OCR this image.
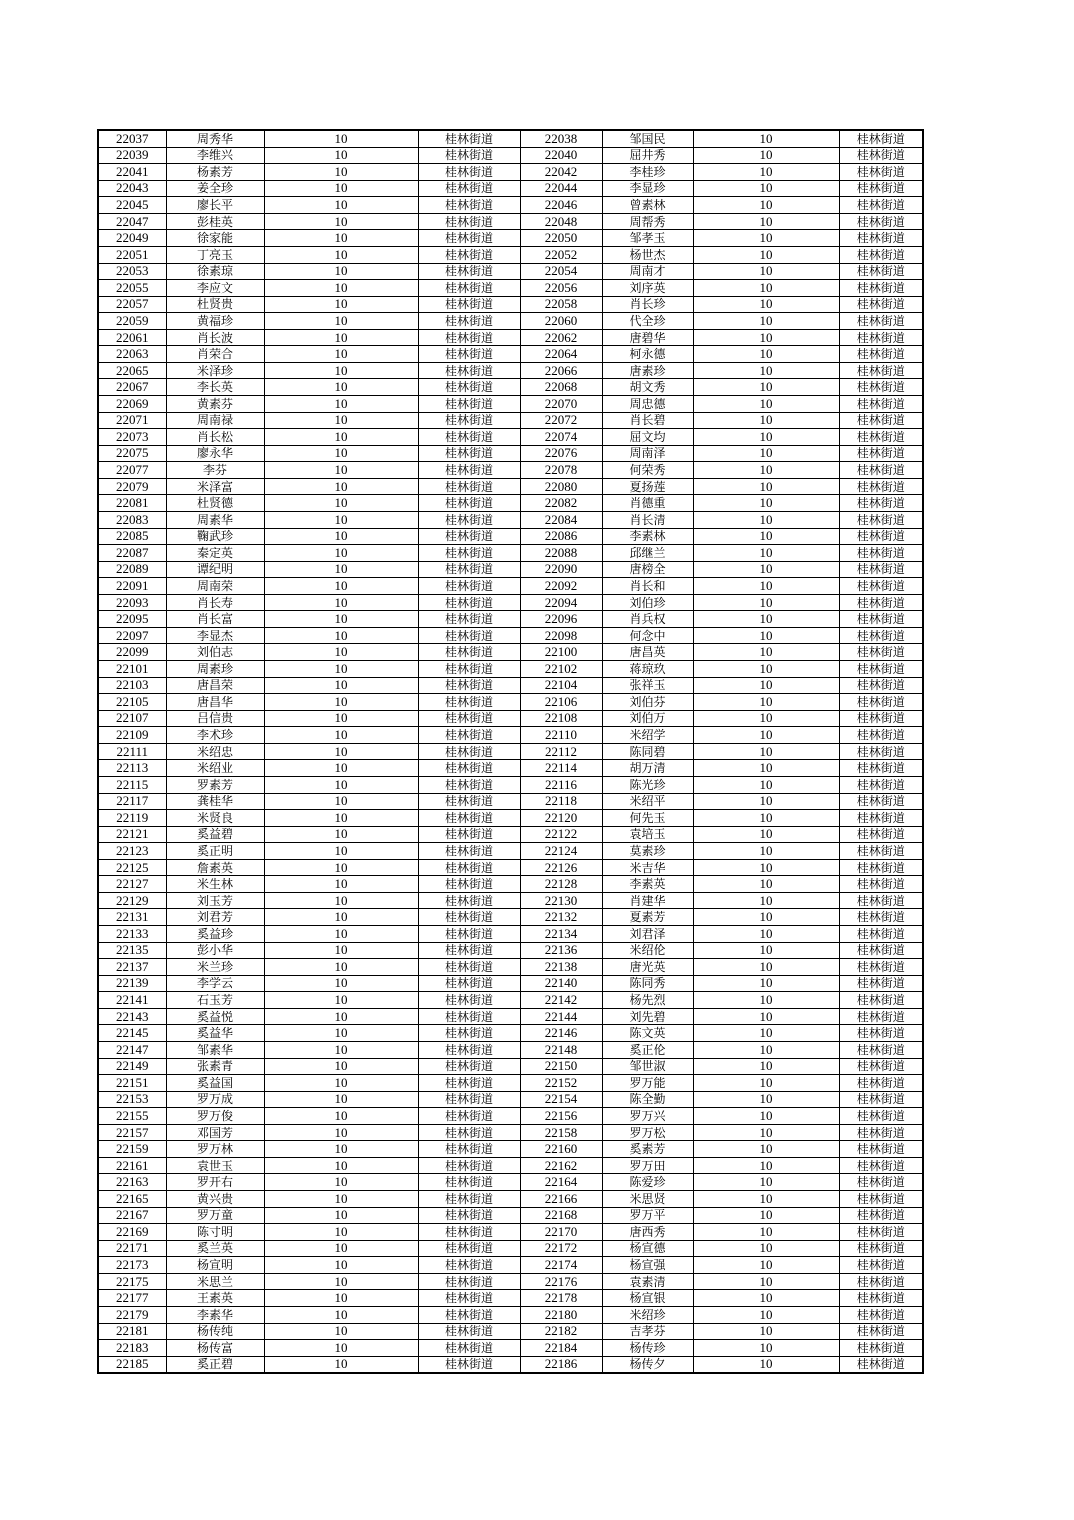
22037	周秀华	10	桂林街道	22038	邹国民	10	桂林街道
22039	李维兴	10	桂林街道	22040	屈井秀	10	桂林街道
22041	杨素芳	10	桂林街道	22042	李桂珍	10	桂林街道
22043	姜全珍	10	桂林街道	22044	李显珍	10	桂林街道
22045	廖长平	10	桂林街道	22046	曾素林	10	桂林街道
22047	彭桂英	10	桂林街道	22048	周帮秀	10	桂林街道
22049	徐家能	10	桂林街道	22050	邹孝玉	10	桂林街道
22051	丁亮玉	10	桂林街道	22052	杨世杰	10	桂林街道
22053	徐素琼	10	桂林街道	22054	周南才	10	桂林街道
22055	李应文	10	桂林街道	22056	刘序英	10	桂林街道
22057	杜贤贵	10	桂林街道	22058	肖长珍	10	桂林街道
22059	黄福珍	10	桂林街道	22060	代全珍	10	桂林街道
22061	肖长波	10	桂林街道	22062	唐碧华	10	桂林街道
22063	肖荣合	10	桂林街道	22064	柯永德	10	桂林街道
22065	米泽珍	10	桂林街道	22066	唐素珍	10	桂林街道
22067	李长英	10	桂林街道	22068	胡文秀	10	桂林街道
22069	黄素芬	10	桂林街道	22070	周忠德	10	桂林街道
22071	周南禄	10	桂林街道	22072	肖长碧	10	桂林街道
22073	肖长松	10	桂林街道	22074	屈文均	10	桂林街道
22075	廖永华	10	桂林街道	22076	周南泽	10	桂林街道
22077	李芬	10	桂林街道	22078	何荣秀	10	桂林街道
22079	米泽富	10	桂林街道	22080	夏扬莲	10	桂林街道
22081	杜贤德	10	桂林街道	22082	肖德重	10	桂林街道
22083	周素华	10	桂林街道	22084	肖长清	10	桂林街道
22085	鞠武珍	10	桂林街道	22086	李素林	10	桂林街道
22087	秦定英	10	桂林街道	22088	邱继兰	10	桂林街道
22089	谭纪明	10	桂林街道	22090	唐榜全	10	桂林街道
22091	周南荣	10	桂林街道	22092	肖长和	10	桂林街道
22093	肖长寿	10	桂林街道	22094	刘伯珍	10	桂林街道
22095	肖长富	10	桂林街道	22096	肖兵权	10	桂林街道
22097	李显杰	10	桂林街道	22098	何念中	10	桂林街道
22099	刘伯志	10	桂林街道	22100	唐昌英	10	桂林街道
22101	周素珍	10	桂林街道	22102	蒋琼玖	10	桂林街道
22103	唐昌荣	10	桂林街道	22104	张祥玉	10	桂林街道
22105	唐昌华	10	桂林街道	22106	刘伯芬	10	桂林街道
22107	吕信贵	10	桂林街道	22108	刘伯万	10	桂林街道
22109	李术珍	10	桂林街道	22110	米绍学	10	桂林街道
22111	米绍忠	10	桂林街道	22112	陈同碧	10	桂林街道
22113	米绍业	10	桂林街道	22114	胡万清	10	桂林街道
22115	罗素芳	10	桂林街道	22116	陈光珍	10	桂林街道
22117	龚桂华	10	桂林街道	22118	米绍平	10	桂林街道
22119	米贤良	10	桂林街道	22120	何先玉	10	桂林街道
22121	奚益碧	10	桂林街道	22122	袁培玉	10	桂林街道
22123	奚正明	10	桂林街道	22124	莫素珍	10	桂林街道
22125	詹素英	10	桂林街道	22126	米吉华	10	桂林街道
22127	米生林	10	桂林街道	22128	李素英	10	桂林街道
22129	刘玉芳	10	桂林街道	22130	肖建华	10	桂林街道
22131	刘君芳	10	桂林街道	22132	夏素芳	10	桂林街道
22133	奚益珍	10	桂林街道	22134	刘君泽	10	桂林街道
22135	彭小华	10	桂林街道	22136	米绍伦	10	桂林街道
22137	米兰珍	10	桂林街道	22138	唐光英	10	桂林街道
22139	李学云	10	桂林街道	22140	陈同秀	10	桂林街道
22141	石玉芳	10	桂林街道	22142	杨先烈	10	桂林街道
22143	奚益悦	10	桂林街道	22144	刘先碧	10	桂林街道
22145	奚益华	10	桂林街道	22146	陈文英	10	桂林街道
22147	邹素华	10	桂林街道	22148	奚正伦	10	桂林街道
22149	张素青	10	桂林街道	22150	邹世淑	10	桂林街道
22151	奚益国	10	桂林街道	22152	罗万能	10	桂林街道
22153	罗万成	10	桂林街道	22154	陈全勤	10	桂林街道
22155	罗万俊	10	桂林街道	22156	罗万兴	10	桂林街道
22157	邓国芳	10	桂林街道	22158	罗万松	10	桂林街道
22159	罗万林	10	桂林街道	22160	奚素芳	10	桂林街道
22161	袁世玉	10	桂林街道	22162	罗万田	10	桂林街道
22163	罗开右	10	桂林街道	22164	陈爱珍	10	桂林街道
22165	黄兴贵	10	桂林街道	22166	米思贤	10	桂林街道
22167	罗万童	10	桂林街道	22168	罗万平	10	桂林街道
22169	陈寸明	10	桂林街道	22170	唐西秀	10	桂林街道
22171	奚兰英	10	桂林街道	22172	杨宣德	10	桂林街道
22173	杨宣明	10	桂林街道	22174	杨宣强	10	桂林街道
22175	米思兰	10	桂林街道	22176	袁素清	10	桂林街道
22177	王素英	10	桂林街道	22178	杨宣银	10	桂林街道
22179	李素华	10	桂林街道	22180	米绍珍	10	桂林街道
22181	杨传纯	10	桂林街道	22182	吉孝芬	10	桂林街道
22183	杨传富	10	桂林街道	22184	杨传珍	10	桂林街道
22185	奚正碧	10	桂林街道	22186	杨传夕	10	桂林街道
